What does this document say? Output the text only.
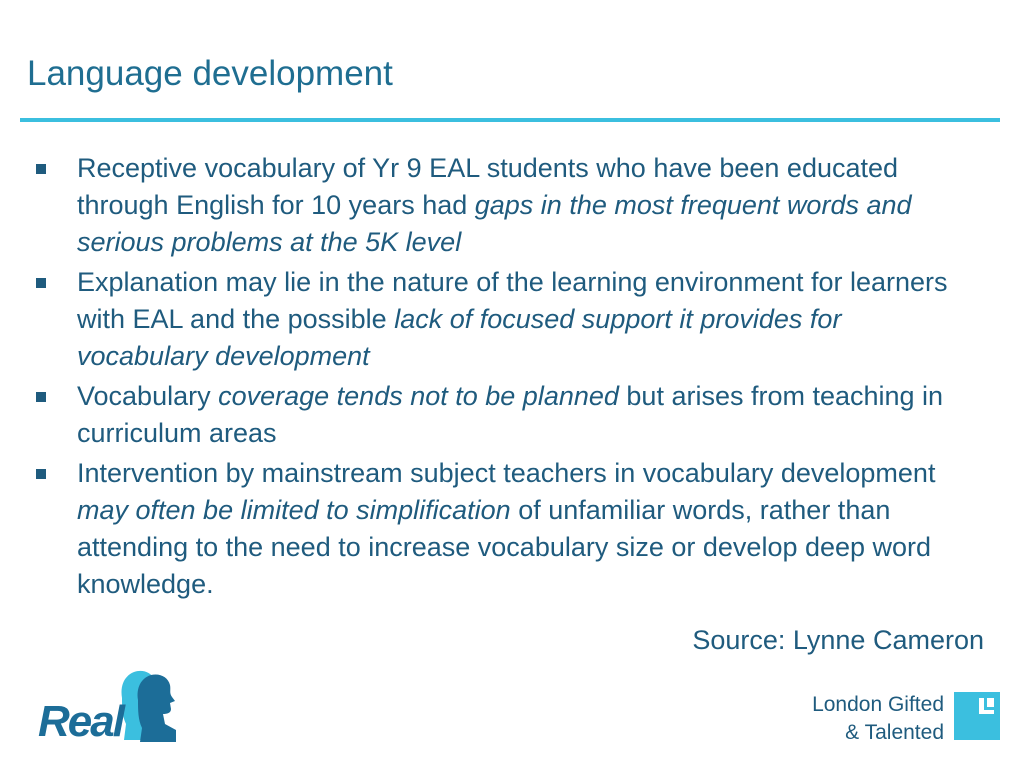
Language development
Receptive vocabulary of Yr 9 EAL students who have been educated through English for 10 years had gaps in the most frequent words and serious problems at the 5K level
Explanation may lie in the nature of the learning environment for learners with EAL and the possible lack of focused support it provides for vocabulary development
Vocabulary coverage tends not to be planned but arises from teaching in curriculum areas
Intervention by mainstream subject teachers in vocabulary development may often be limited to simplification of unfamiliar words, rather than attending to the need to increase vocabulary size or develop deep word knowledge.
Source: Lynne Cameron
Real	London Gifted
& Talented
